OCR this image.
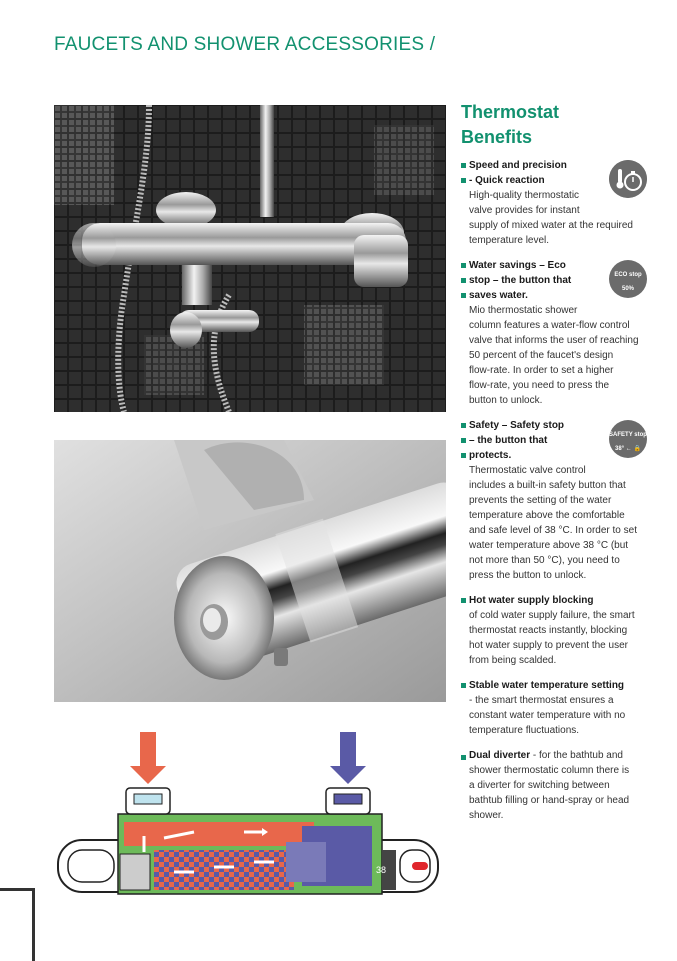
FAUCETS AND SHOWER ACCESSORIES /
38
Thermostat
Benefits
Speed and precision
- Quick reaction
High-quality thermostatic
valve provides for instant
supply of mixed water at the required
temperature level.
ECO stop
50%
Water savings – Eco
stop – the button that
saves water.
Mio thermostatic shower
column features a water-flow control
valve that informs the user of reaching
50 percent of the faucet's design
flow-rate. In order to set a higher
flow-rate, you need to press the
button to unlock.
SAFETY stop
38° ← 🔒
Safety – Safety stop
– the button that
protects.
Thermostatic valve control
includes a built-in safety button that
prevents the setting of the water
temperature above the comfortable
and safe level of 38 °C. In order to set
water temperature above 38 °C (but
not more than 50 °C), you need to
press the button to unlock.
Hot water supply blocking
of cold water supply failure, the smart
thermostat reacts instantly, blocking
hot water supply to prevent the user
from being scalded.
Stable water temperature setting
- the smart thermostat ensures a
constant water temperature with no
temperature fluctuations.
Dual diverter - for the bathtub and
shower thermostatic column there is
a diverter for switching between
bathtub filling or hand-spray or head
shower.
